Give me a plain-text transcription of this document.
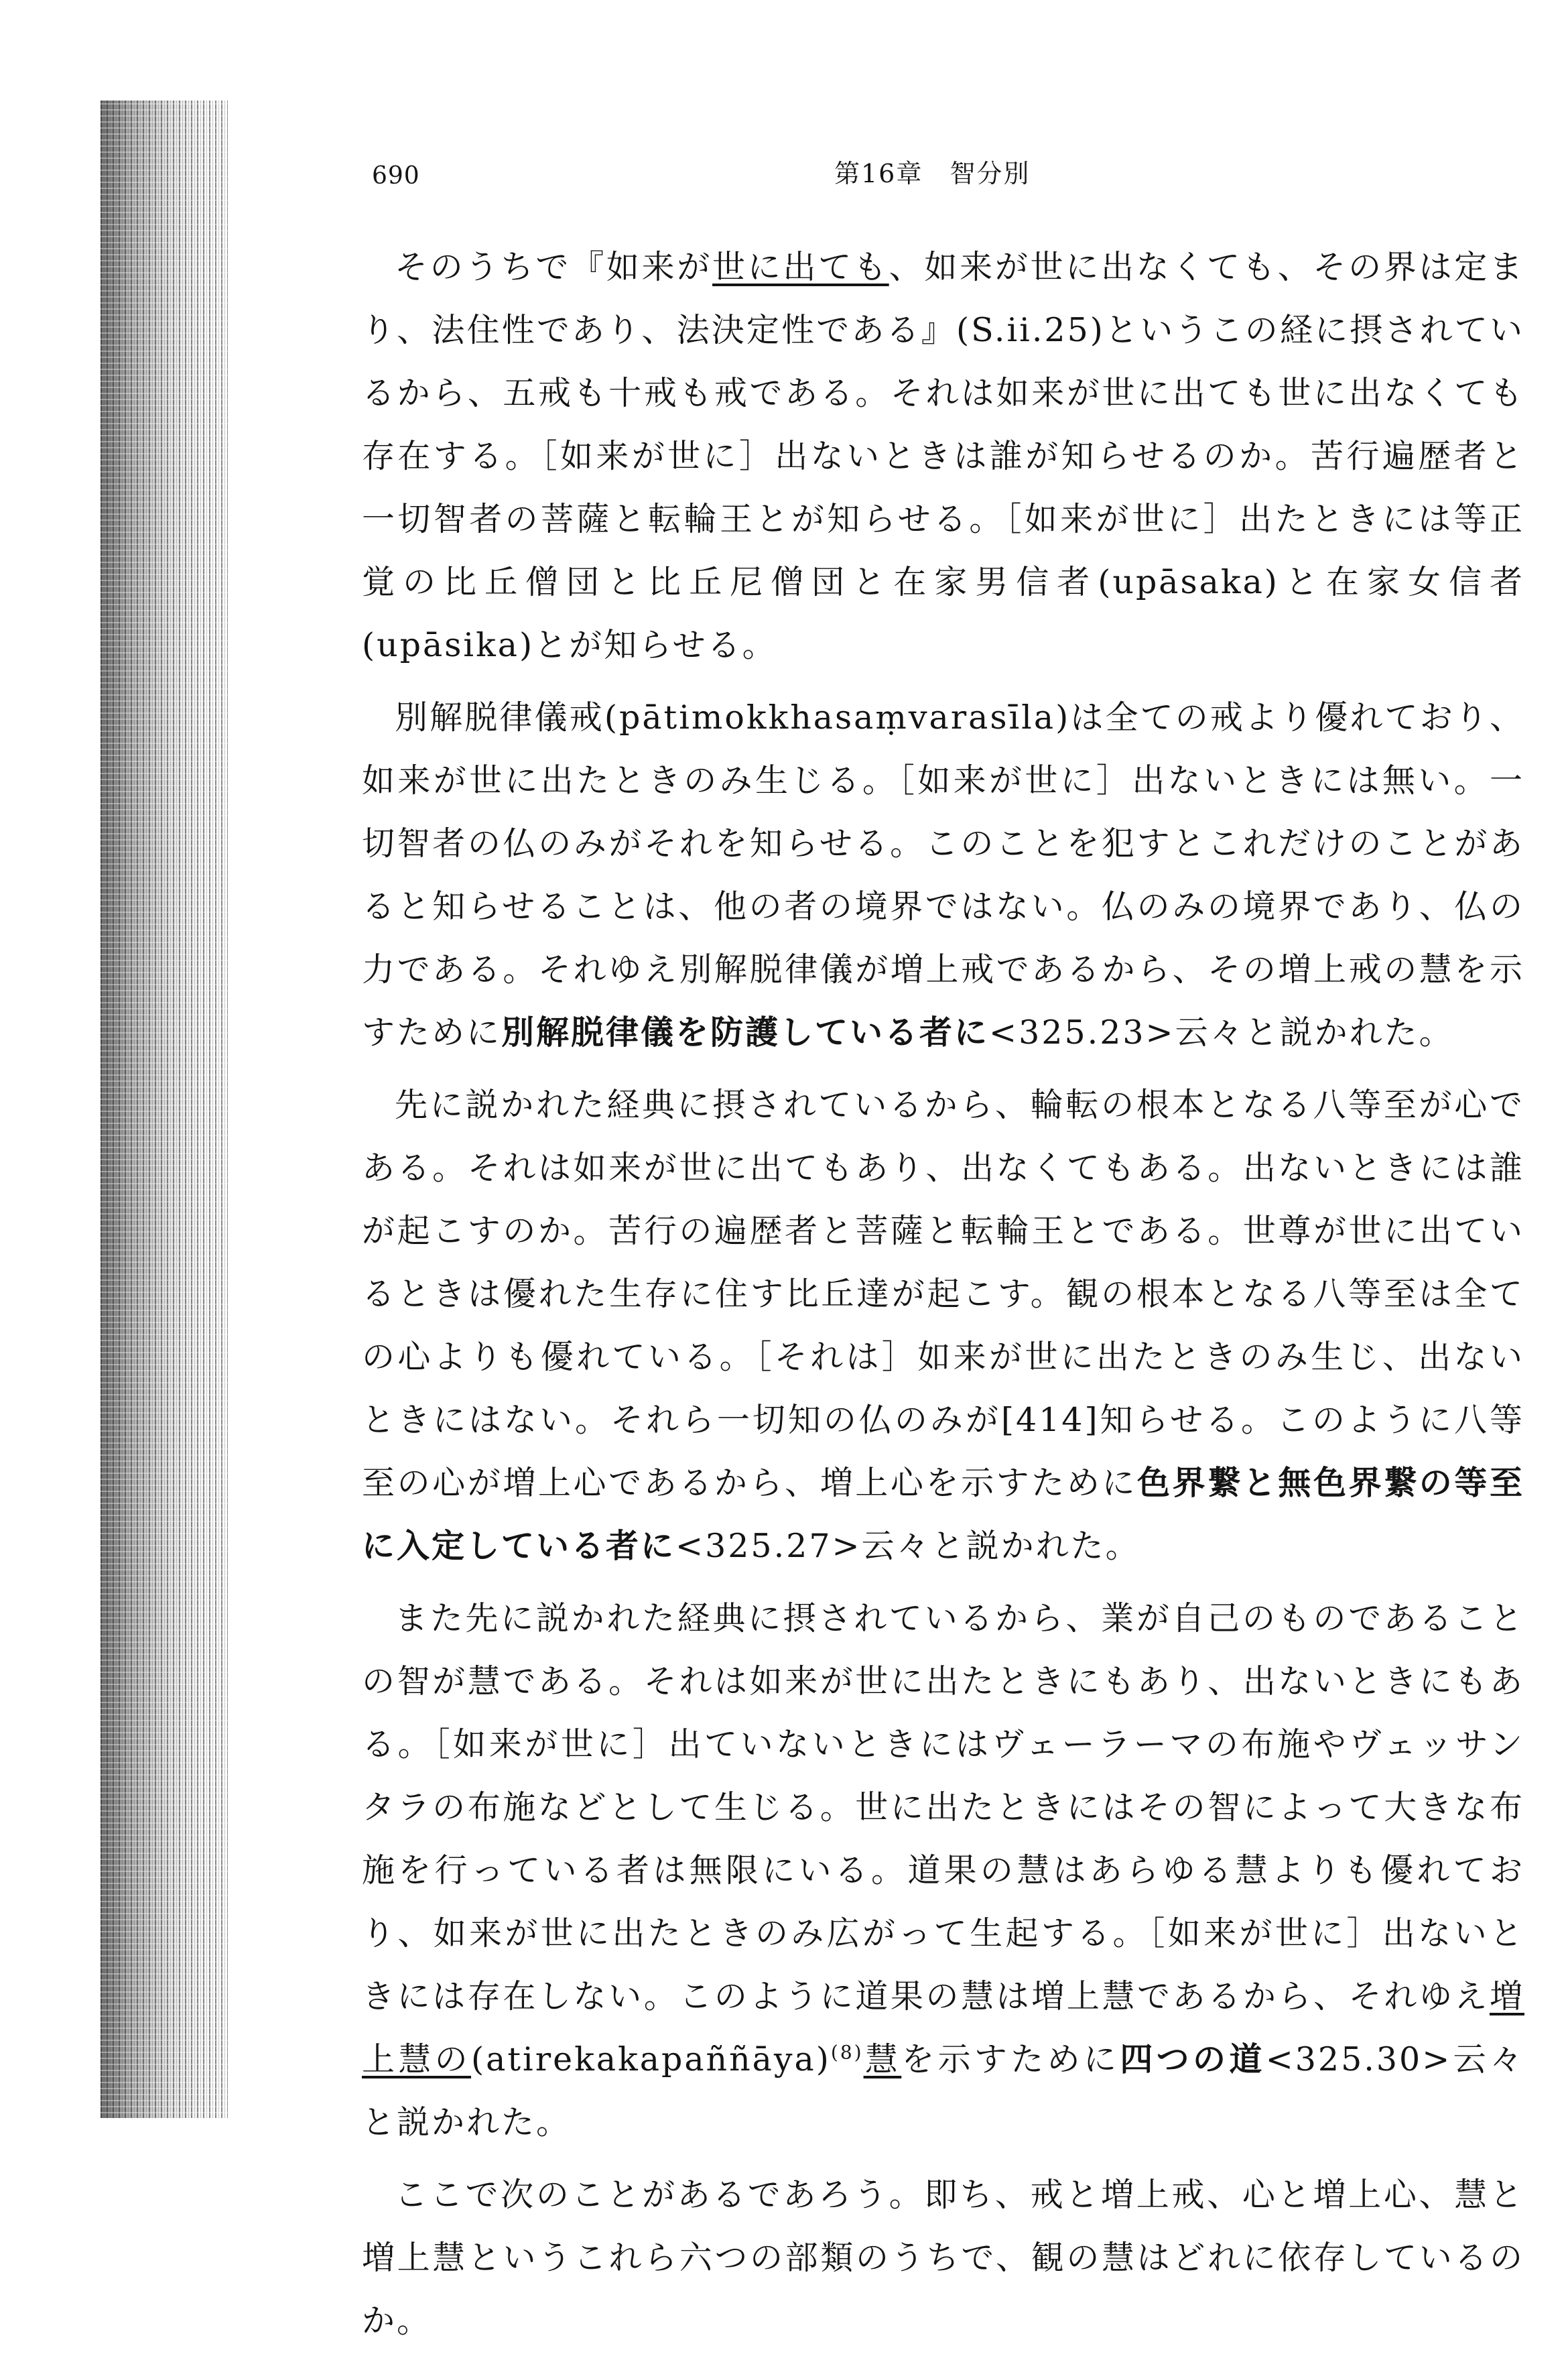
690	第16章　智分別

そのうちで『如来が世に出ても、如来が世に出なくても、その界は定まり、法住性であり、法決定性である』(S.ii.25)というこの経に摂されているから、五戒も十戒も戒である。それは如来が世に出ても世に出なくても存在する。［如来が世に］出ないときは誰が知らせるのか。苦行遍歴者と一切智者の菩薩と転輪王とが知らせる。［如来が世に］出たときには等正覚の比丘僧団と比丘尼僧団と在家男信者(upāsaka)と在家女信者(upāsika)とが知らせる。

別解脱律儀戒(pātimokkhasaṃvarasīla)は全ての戒より優れており、如来が世に出たときのみ生じる。［如来が世に］出ないときには無い。一切智者の仏のみがそれを知らせる。このことを犯すとこれだけのことがあると知らせることは、他の者の境界ではない。仏のみの境界であり、仏の力である。それゆえ別解脱律儀が増上戒であるから、その増上戒の慧を示すために別解脱律儀を防護している者に<325.23>云々と説かれた。

先に説かれた経典に摂されているから、輪転の根本となる八等至が心である。それは如来が世に出てもあり、出なくてもある。出ないときには誰が起こすのか。苦行の遍歴者と菩薩と転輪王とである。世尊が世に出ているときは優れた生存に住す比丘達が起こす。観の根本となる八等至は全ての心よりも優れている。［それは］如来が世に出たときのみ生じ、出ないときにはない。それら一切知の仏のみが[414]知らせる。このように八等至の心が増上心であるから、増上心を示すために色界繋と無色界繋の等至に入定している者に<325.27>云々と説かれた。

また先に説かれた経典に摂されているから、業が自己のものであることの智が慧である。それは如来が世に出たときにもあり、出ないときにもある。［如来が世に］出ていないときにはヴェーラーマの布施やヴェッサンタラの布施などとして生じる。世に出たときにはその智によって大きな布施を行っている者は無限にいる。道果の慧はあらゆる慧よりも優れており、如来が世に出たときのみ広がって生起する。［如来が世に］出ないときには存在しない。このように道果の慧は増上慧であるから、それゆえ増上慧の(atirekakapaññāya)$^{(8)}$慧を示すために四つの道<325.30>云々と説かれた。

ここで次のことがあるであろう。即ち、戒と増上戒、心と増上心、慧と増上慧というこれら六つの部類のうちで、観の慧はどれに依存しているのか。
